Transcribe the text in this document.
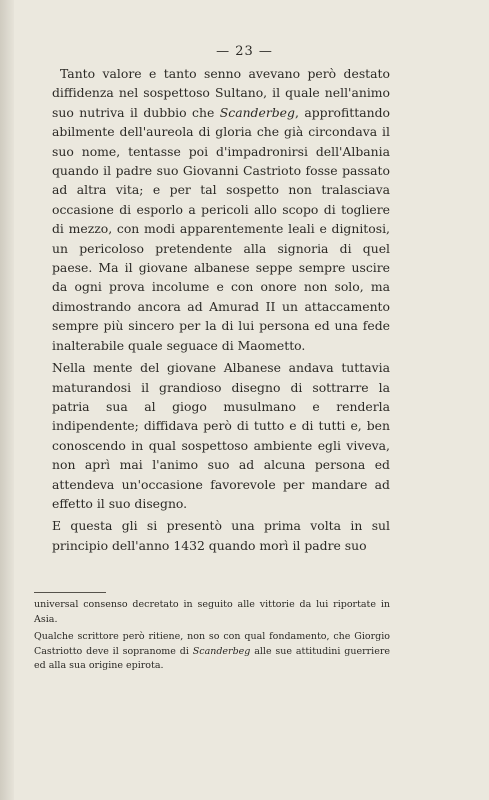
— 23 —

Tanto valore e tanto senno avevano però destato diffidenza nel sospettoso Sultano, il quale nell'animo suo nutriva il dubbio che Scanderbeg, approfittando abilmente dell'aureola di gloria che già circondava il suo nome, tentasse poi d'impadronirsi dell'Albania quando il padre suo Giovanni Castrioto fosse passato ad altra vita; e per tal sospetto non tralasciava occasione di esporlo a pericoli allo scopo di togliere di mezzo, con modi apparentemente leali e dignitosi, un pericoloso pretendente alla signoria di quel paese. Ma il giovane albanese seppe sempre uscire da ogni prova incolume e con onore non solo, ma dimostrando ancora ad Amurad II un attaccamento sempre più sincero per la di lui persona ed una fede inalterabile quale seguace di Maometto.

Nella mente del giovane Albanese andava tuttavia maturandosi il grandioso disegno di sottrarre la patria sua al giogo musulmano e renderla indipendente; diffidava però di tutto e di tutti e, ben conoscendo in qual sospettoso ambiente egli viveva, non aprì mai l'animo suo ad alcuna persona ed attendeva un'occasione favorevole per mandare ad effetto il suo disegno.

E questa gli si presentò una prima volta in sul principio dell'anno 1432 quando morì il padre suo

universal consenso decretato in seguito alle vittorie da lui riportate in Asia.

Qualche scrittore però ritiene, non so con qual fondamento, che Giorgio Castriotto deve il sopranome di Scanderbeg alle sue attitudini guerriere ed alla sua origine epirota.
